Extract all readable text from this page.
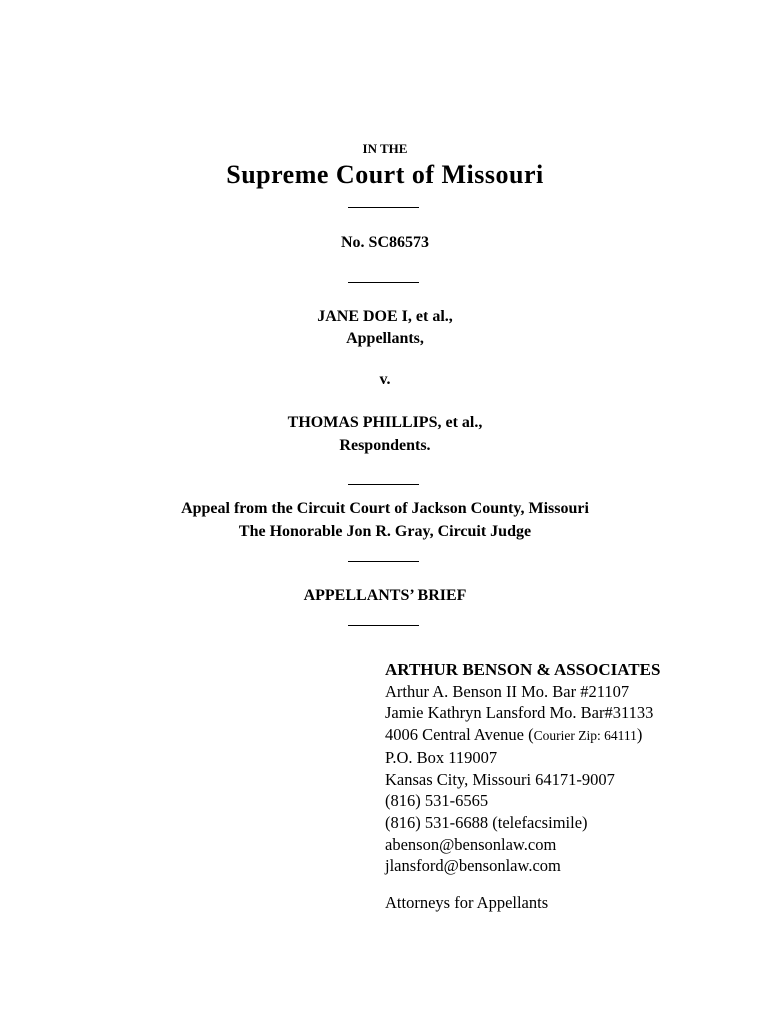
IN THE
Supreme Court of Missouri
No. SC86573
JANE DOE I, et al.,
Appellants,
v.
THOMAS PHILLIPS, et al.,
Respondents.
Appeal from the Circuit Court of Jackson County, Missouri
The Honorable Jon R. Gray, Circuit Judge
APPELLANTS’ BRIEF
ARTHUR BENSON & ASSOCIATES
Arthur A. Benson II Mo. Bar #21107
Jamie Kathryn Lansford Mo. Bar#31133
4006 Central Avenue (Courier Zip: 64111)
P.O. Box 119007
Kansas City, Missouri 64171-9007
(816) 531-6565
(816) 531-6688 (telefacsimile)
abenson@bensonlaw.com
jlansford@bensonlaw.com
Attorneys for Appellants
